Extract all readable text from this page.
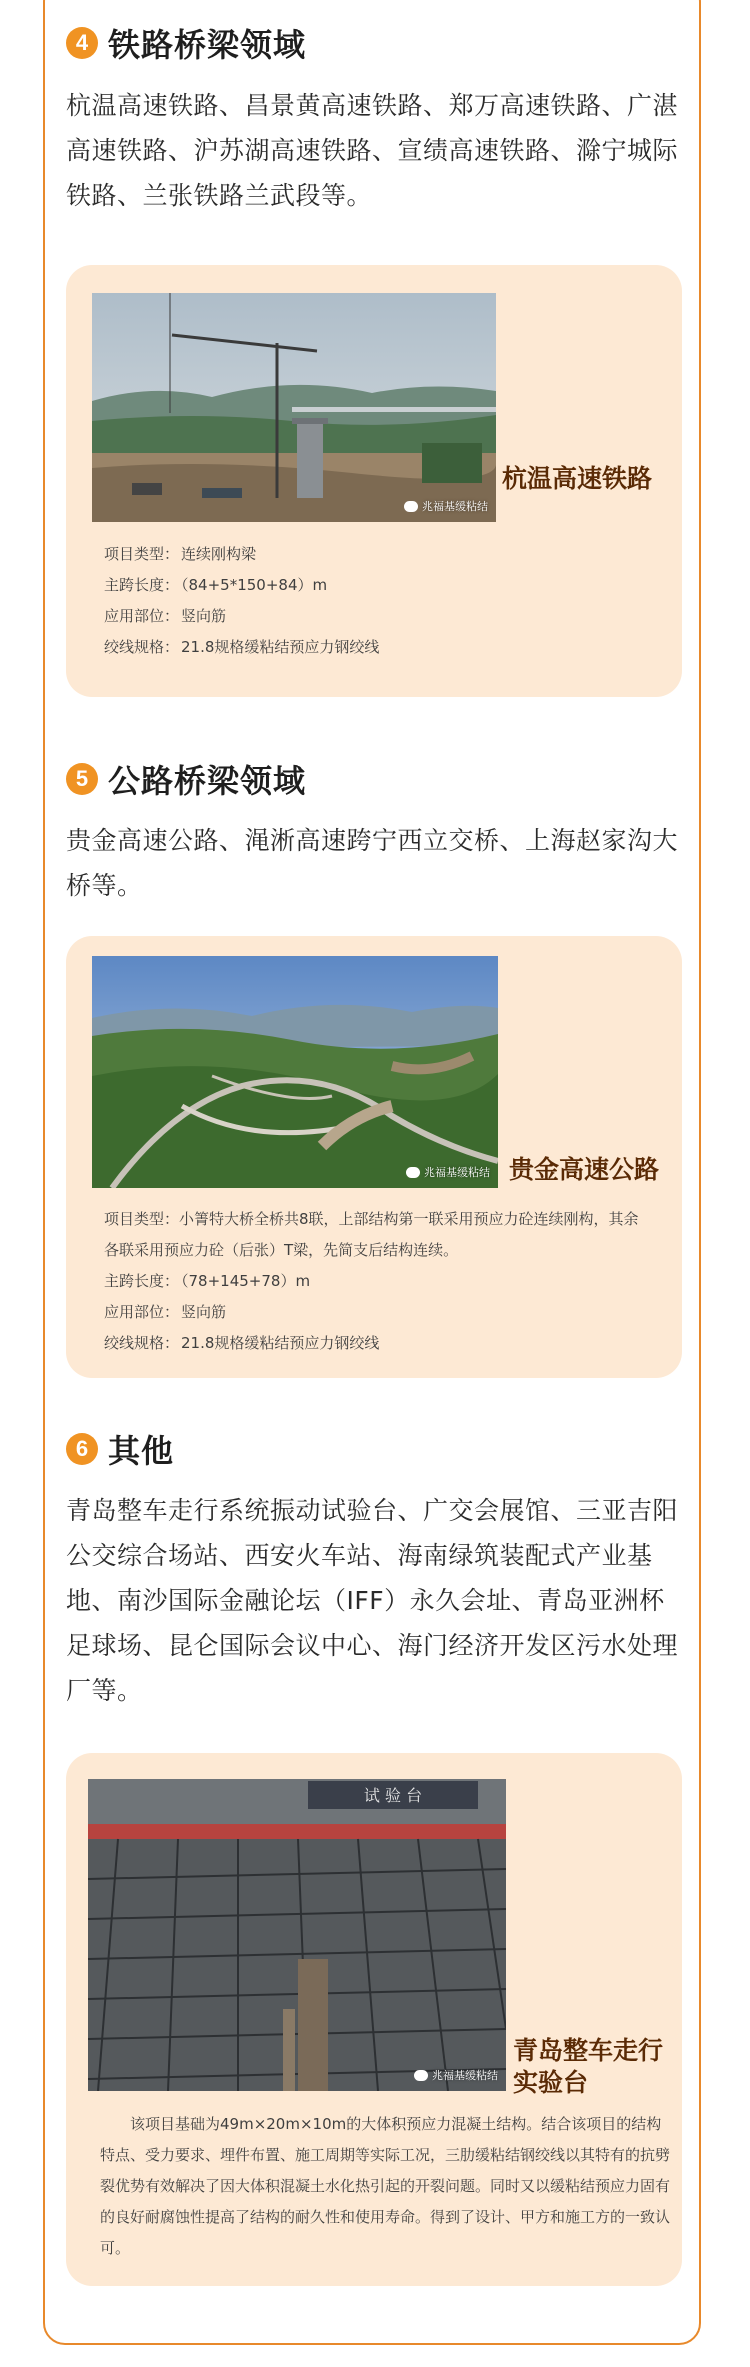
4 铁路桥梁领域

杭温高速铁路、昌景黄高速铁路、郑万高速铁路、广湛高速铁路、沪苏湖高速铁路、宣绩高速铁路、滁宁城际铁路、兰张铁路兰武段等。

兆福基缓粘结
杭温高速铁路
项目类型： 连续刚构梁
主跨长度： （84+5*150+84）m
应用部位： 竖向筋
绞线规格： 21.8规格缓粘结预应力钢绞线
5 公路桥梁领域

贵金高速公路、渑淅高速跨宁西立交桥、上海赵家沟大桥等。

兆福基缓粘结 贵金高速公路
项目类型：小箐特大桥全桥共8联，上部结构第一联采用预应力砼连续刚构，其余各联采用预应力砼（后张）T梁，先简支后结构连续。
主跨长度： （78+145+78）m
应用部位： 竖向筋
绞线规格： 21.8规格缓粘结预应力钢绞线
6 其他

青岛整车走行系统振动试验台、广交会展馆、三亚吉阳公交综合场站、西安火车站、海南绿筑装配式产业基地、南沙国际金融论坛（IFF）永久会址、青岛亚洲杯足球场、昆仑国际会议中心、海门经济开发区污水处理厂等。

试 验 台
兆福基缓粘结
青岛整车走行
实验台

该项目基础为49m×20m×10m的大体积预应力混凝土结构。结合该项目的结构特点、受力要求、埋件布置、施工周期等实际工况，三肋缓粘结钢绞线以其特有的抗劈裂优势有效解决了因大体积混凝土水化热引起的开裂问题。同时又以缓粘结预应力固有的良好耐腐蚀性提高了结构的耐久性和使用寿命。得到了设计、甲方和施工方的一致认可。
